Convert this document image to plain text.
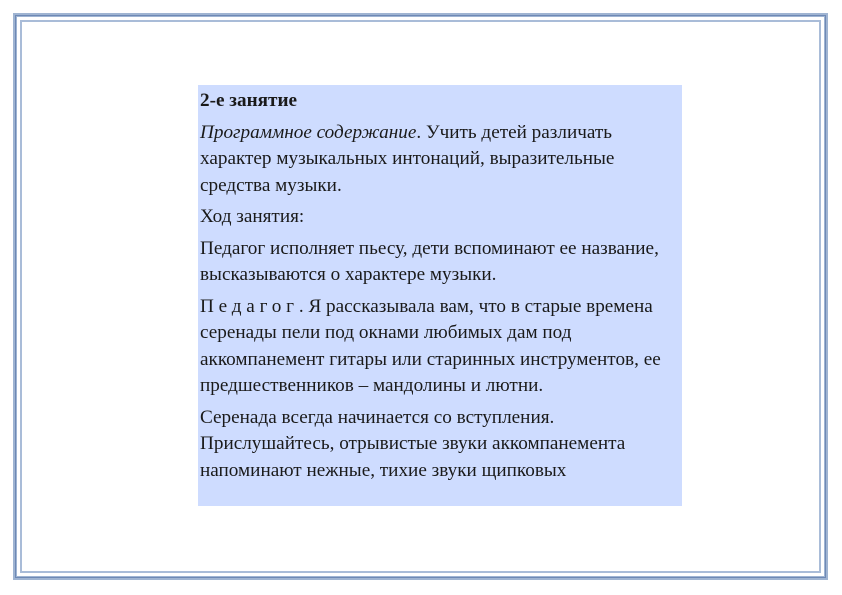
2-е занятие

Программное содержание. Учить детей различать характер музыкальных интонаций, выразительные средства музыки.

Ход занятия:

Педагог исполняет пьесу, дети вспоминают ее название, высказываются о характере музыки.

Педагог. Я рассказывала вам, что в старые времена серенады пели под окнами любимых дам под аккомпанемент гитары или старинных инструментов, ее предшественников – мандолины и лютни.

Серенада всегда начинается со вступления. Прислушайтесь, отрывистые звуки аккомпанемента напоминают нежные, тихие звуки щипковых
